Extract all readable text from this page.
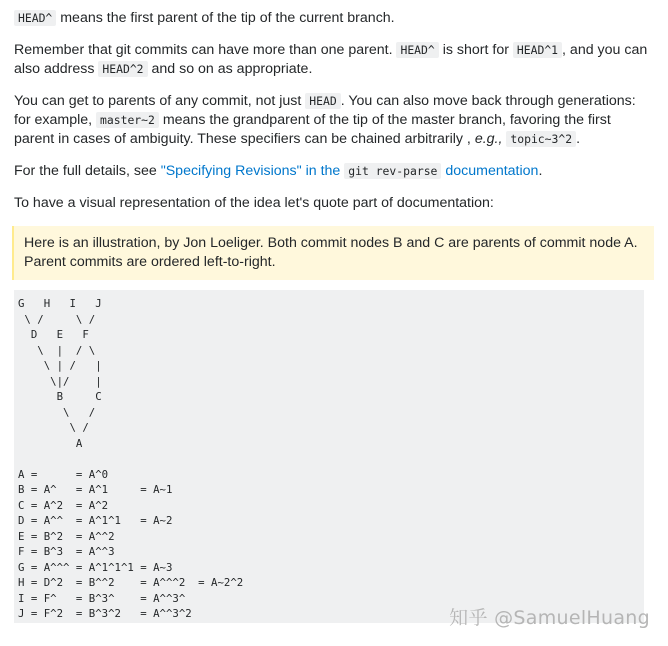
HEAD^ means the first parent of the tip of the current branch.

Remember that git commits can have more than one parent. HEAD^ is short for HEAD^1 , and you can also address HEAD^2 and so on as appropriate.

You can get to parents of any commit, not just HEAD . You can also move back through generations: for example, master~2 means the grandparent of the tip of the master branch, favoring the first parent in cases of ambiguity. These specifiers can be chained arbitrarily , e.g., topic~3^2 .

For the full details, see "Specifying Revisions" in the git rev-parse documentation.

To have a visual representation of the idea let's quote part of documentation:

Here is an illustration, by Jon Loeliger. Both commit nodes B and C are parents of commit node A. Parent commits are ordered left-to-right.

G   H   I   J
\ /     \ /
D   E   F
\  |  / \
\ | /   |
\|/    |
B     C
\   /
\ /
A

A =      = A^0
B = A^   = A^1     = A~1
C = A^2  = A^2
D = A^^  = A^1^1   = A~2
E = B^2  = A^^2
F = B^3  = A^^3
G = A^^^ = A^1^1^1 = A~3
H = D^2  = B^^2    = A^^^2  = A~2^2
I = F^   = B^3^    = A^^3^
J = F^2  = B^3^2   = A^^3^2	知乎 @SamuelHuang
